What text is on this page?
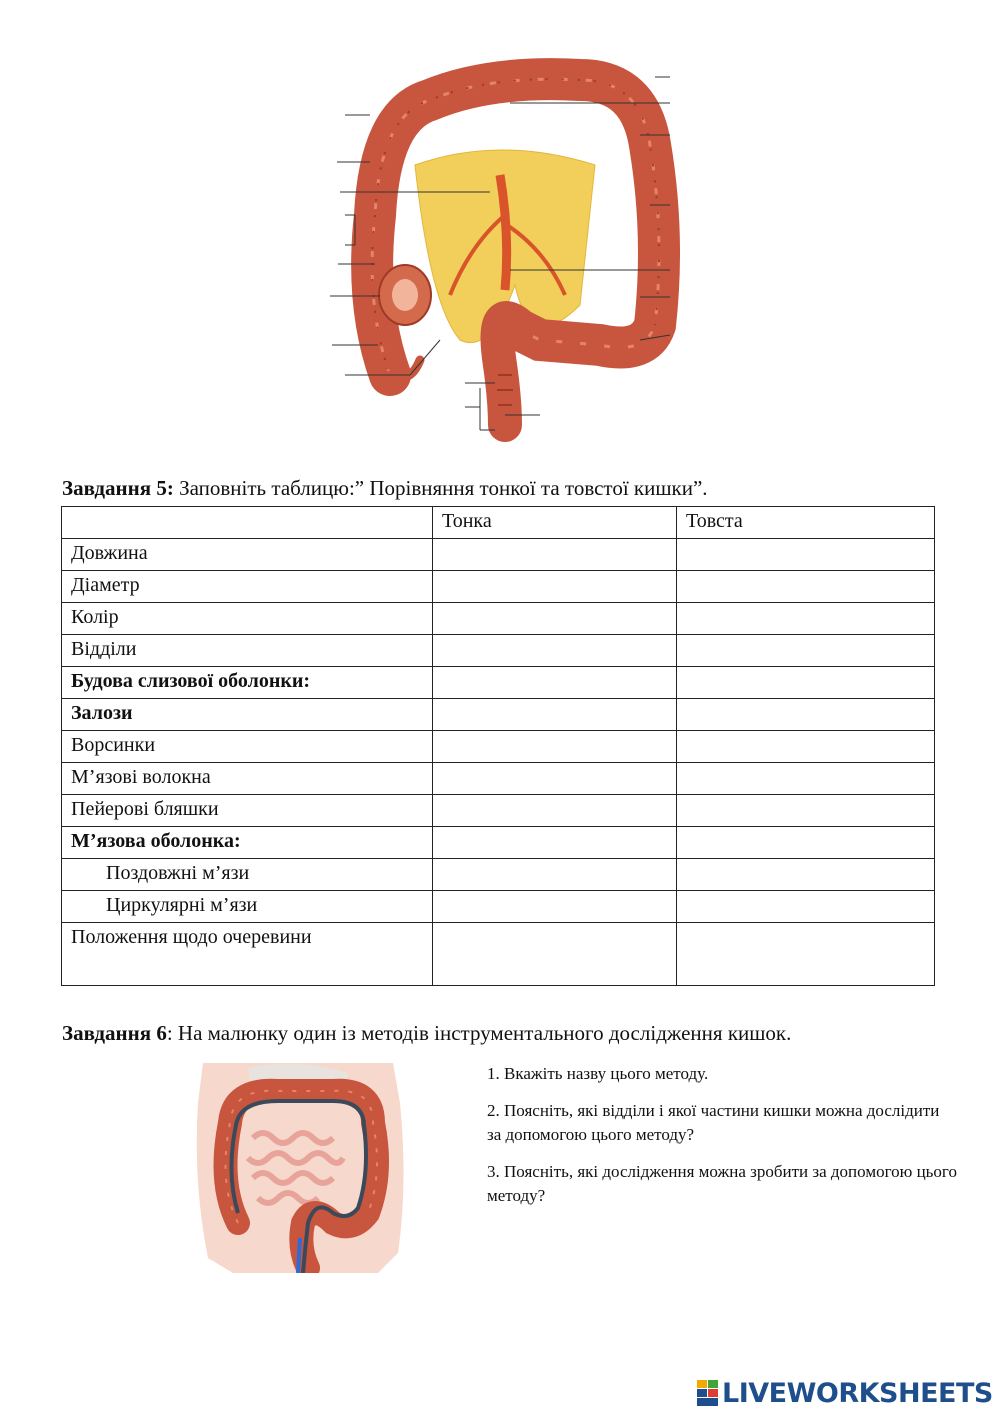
Завдання 5: Заповніть таблицю:” Порівняння тонкої та товстої кишки”.
	Тонка	Товста
Довжина		
Діаметр		
Колір		
Відділи		
Будова слизової оболонки:		
Залози		
Ворсинки		
М’язові волокна		
Пейерові бляшки		
М’язова оболонка:		
Поздовжні м’язи		
Циркулярні м’язи		
Положення щодо очеревини		
Завдання 6: На малюнку один із методів інструментального дослідження кишок.

1. Вкажіть назву цього методу.

2. Поясніть, які відділи і якої частини кишки можна дослідити за допомогою цього методу?

3. Поясніть, які дослідження можна зробити за допомогою цього методу?

LIVEWORKSHEETS
